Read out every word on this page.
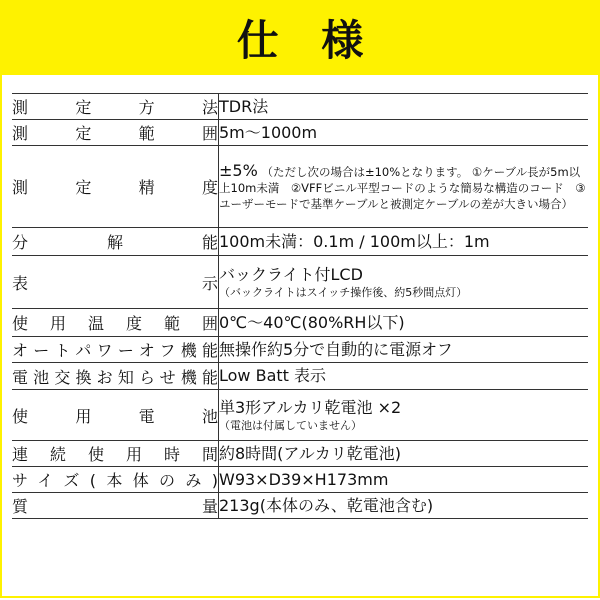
仕 様
測　定　方　法	TDR法

測　定　範　囲	5m～1000m

測　定　精　度	±5% （ただし次の場合は±10%となります。 ①ケーブル長が5m以上10m未満　②VFFビニル平型コードのような簡易な構造のコード　③ユーザーモードで基準ケーブルと被測定ケーブルの差が大きい場合）

分　解　能	100m未満：0.1m / 100m以上：1m

表　示	バックライト付LCD
（バックライトはスイッチ操作後、約5秒間点灯）

使用温度範囲	0℃～40℃(80%RH以下)

オートパワーオフ機能	無操作約5分で自動的に電源オフ

電池交換お知らせ機能	Low Batt 表示

使　用　電　池	単3形アルカリ乾電池 ×2
（電池は付属していません）

連続使用時間	約8時間(アルカリ乾電池)

サイズ(本体のみ)	W93×D39×H173mm

質　量	213g(本体のみ、乾電池含む)
